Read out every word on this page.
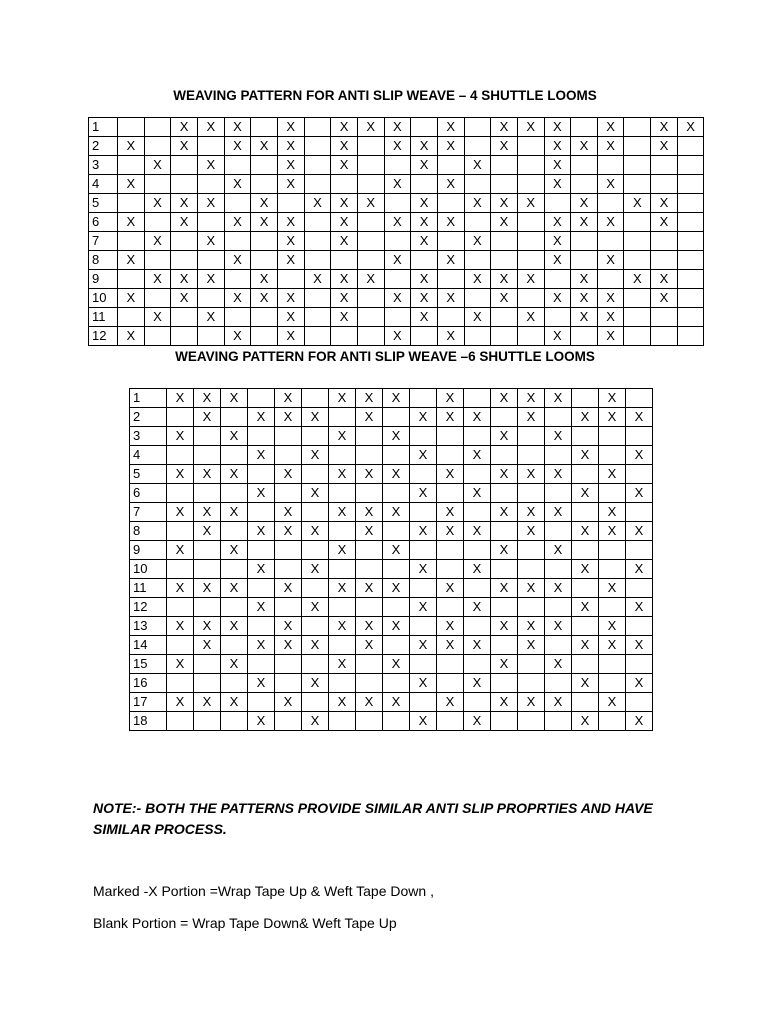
WEAVING PATTERN FOR ANTI SLIP WEAVE – 4 SHUTTLE LOOMS
1			X	X	X		X		X	X	X		X		X	X	X		X		X	X
2	X		X		X	X	X		X		X	X	X		X		X	X	X		X	
3		X		X			X		X			X		X			X					
4	X				X		X				X		X				X		X			
5		X	X	X		X		X	X	X		X		X	X	X		X		X	X	
6	X		X		X	X	X		X		X	X	X		X		X	X	X		X	
7		X		X			X		X			X		X			X					
8	X				X		X				X		X				X		X			
9		X	X	X		X		X	X	X		X		X	X	X		X		X	X	
10	X		X		X	X	X		X		X	X	X		X		X	X	X		X	
11		X		X			X		X			X		X		X		X	X			
12	X				X		X				X		X				X		X			
WEAVING PATTERN FOR ANTI SLIP WEAVE –6 SHUTTLE LOOMS
1	X	X	X		X		X	X	X		X		X	X	X		X	
2		X		X	X	X		X		X	X	X		X		X	X	X
3	X		X				X		X				X		X			
4				X		X				X		X				X		X
5	X	X	X		X		X	X	X		X		X	X	X		X	
6				X		X				X		X				X		X
7	X	X	X		X		X	X	X		X		X	X	X		X	
8		X		X	X	X		X		X	X	X		X		X	X	X
9	X		X				X		X				X		X			
10				X		X				X		X				X		X
11	X	X	X		X		X	X	X		X		X	X	X		X	
12				X		X				X		X				X		X
13	X	X	X		X		X	X	X		X		X	X	X		X	
14		X		X	X	X		X		X	X	X		X		X	X	X
15	X		X				X		X				X		X			
16				X		X				X		X				X		X
17	X	X	X		X		X	X	X		X		X	X	X		X	
18				X		X				X		X				X		X

NOTE:- BOTH THE PATTERNS PROVIDE SIMILAR ANTI SLIP PROPRTIES AND HAVE SIMILAR PROCESS.

Marked -X Portion =Wrap Tape Up & Weft Tape Down ,

Blank Portion = Wrap Tape Down& Weft Tape Up
